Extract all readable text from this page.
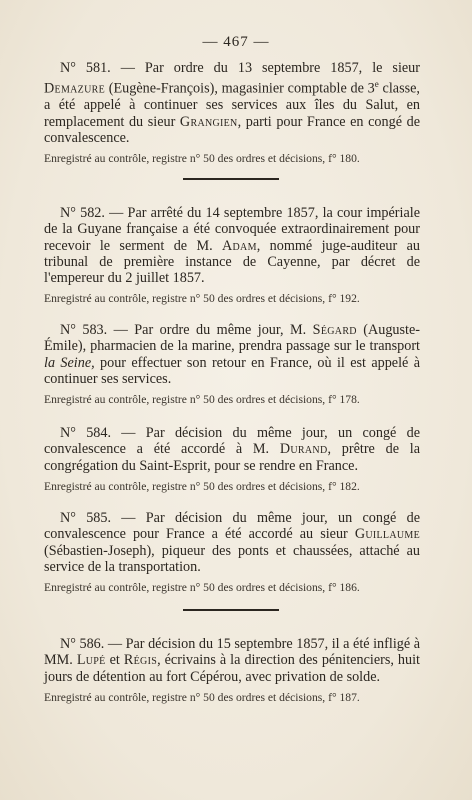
— 467 —

N° 581. — Par ordre du 13 septembre 1857, le sieur Demazure (Eugène-François), magasinier comptable de 3e classe, a été appelé à continuer ses services aux îles du Salut, en remplacement du sieur Grangien, parti pour France en congé de convalescence.

Enregistré au contrôle, registre n° 50 des ordres et décisions, f° 180.

N° 582. — Par arrêté du 14 septembre 1857, la cour impériale de la Guyane française a été convoquée extraordinairement pour recevoir le serment de M. Adam, nommé juge-auditeur au tribunal de première instance de Cayenne, par décret de l'empereur du 2 juillet 1857.

Enregistré au contrôle, registre n° 50 des ordres et décisions, f° 192.

N° 583. — Par ordre du même jour, M. Ségard (Auguste-Émile), pharmacien de la marine, prendra passage sur le transport la Seine, pour effectuer son retour en France, où il est appelé à continuer ses services.

Enregistré au contrôle, registre n° 50 des ordres et décisions, f° 178.

N° 584. — Par décision du même jour, un congé de convalescence a été accordé à M. Durand, prêtre de la congrégation du Saint-Esprit, pour se rendre en France.

Enregistré au contrôle, registre n° 50 des ordres et décisions, f° 182.

N° 585. — Par décision du même jour, un congé de convalescence pour France a été accordé au sieur Guillaume (Sébastien-Joseph), piqueur des ponts et chaussées, attaché au service de la transportation.

Enregistré au contrôle, registre n° 50 des ordres et décisions, f° 186.

N° 586. — Par décision du 15 septembre 1857, il a été infligé à MM. Lupé et Régis, écrivains à la direction des pénitenciers, huit jours de détention au fort Cépérou, avec privation de solde.

Enregistré au contrôle, registre n° 50 des ordres et décisions, f° 187.
